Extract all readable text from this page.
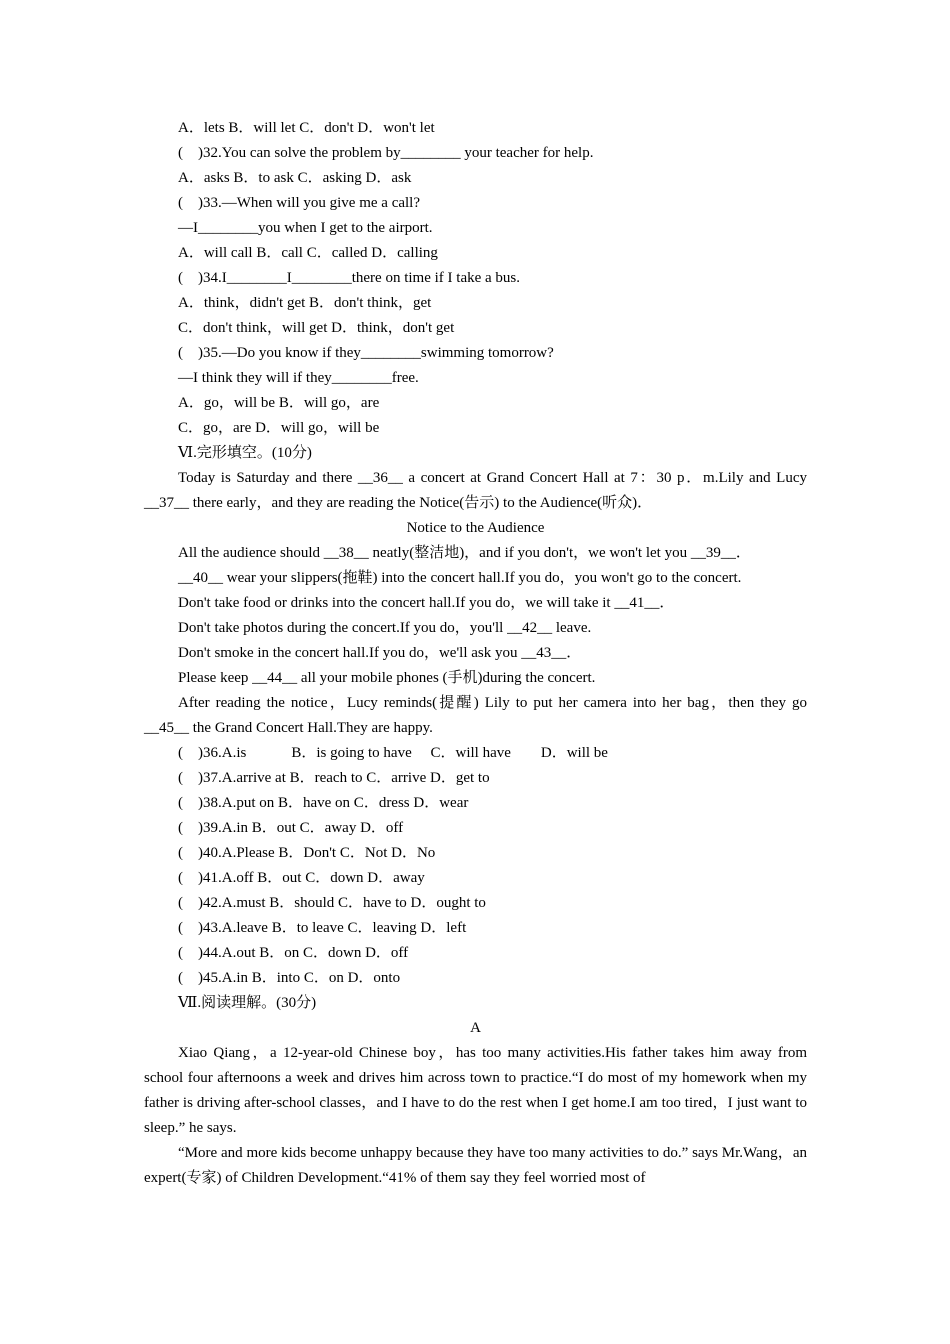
A．lets B．will let C．don't D．won't let

(　)32.You can solve the problem by________ your teacher for help.

A．asks B．to ask C．asking D．ask

(　)33.—When will you give me a call?

—I________you when I get to the airport.

A．will call B．call C．called D．calling

(　)34.I________I________there on time if I take a bus.

A．think，didn't get B．don't think，get

C．don't think，will get D．think，don't get

(　)35.—Do you know if they________swimming tomorrow?

—I think they will if they________free.

A．go，will be B．will go，are

C．go，are D．will go，will be

Ⅵ.完形填空。(10分)

Today is Saturday and there __36__ a concert at Grand Concert Hall at 7：30 p．m.Lily and Lucy __37__ there early，and they are reading the Notice(告示) to the Audience(听众)．

Notice to the Audience

All the audience should __38__ neatly(整洁地)，and if you don't，we won't let you __39__．

__40__ wear your slippers(拖鞋) into the concert hall.If you do，you won't go to the concert.

Don't take food or drinks into the concert hall.If you do，we will take it __41__．

Don't take photos during the concert.If you do，you'll __42__ leave.

Don't smoke in the concert hall.If you do，we'll ask you __43__．

Please keep __44__ all your mobile phones (手机)during the concert.

After reading the notice，Lucy reminds(提醒) Lily to put her camera into her bag，then they go __45__ the Grand Concert Hall.They are happy.

(　)36.A.is　　　B．is going to have　 C．will have　　D．will be

(　)37.A.arrive at B．reach to C．arrive D．get to

(　)38.A.put on B．have on C．dress D．wear

(　)39.A.in B．out C．away D．off

(　)40.A.Please B．Don't C．Not D．No

(　)41.A.off B．out C．down D．away

(　)42.A.must B．should C．have to D．ought to

(　)43.A.leave B．to leave C．leaving D．left

(　)44.A.out B．on C．down D．off

(　)45.A.in B．into C．on D．onto

Ⅶ.阅读理解。(30分)

A

Xiao Qiang，a 12-year-old Chinese boy，has too many activities.His father takes him away from school four afternoons a week and drives him across town to practice.“I do most of my homework when my father is driving after-school classes，and I have to do the rest when I get home.I am too tired，I just want to sleep.” he says.

“More and more kids become unhappy because they have too many activities to do.” says Mr.Wang，an expert(专家) of Children Development.“41% of them say they feel worried most of
